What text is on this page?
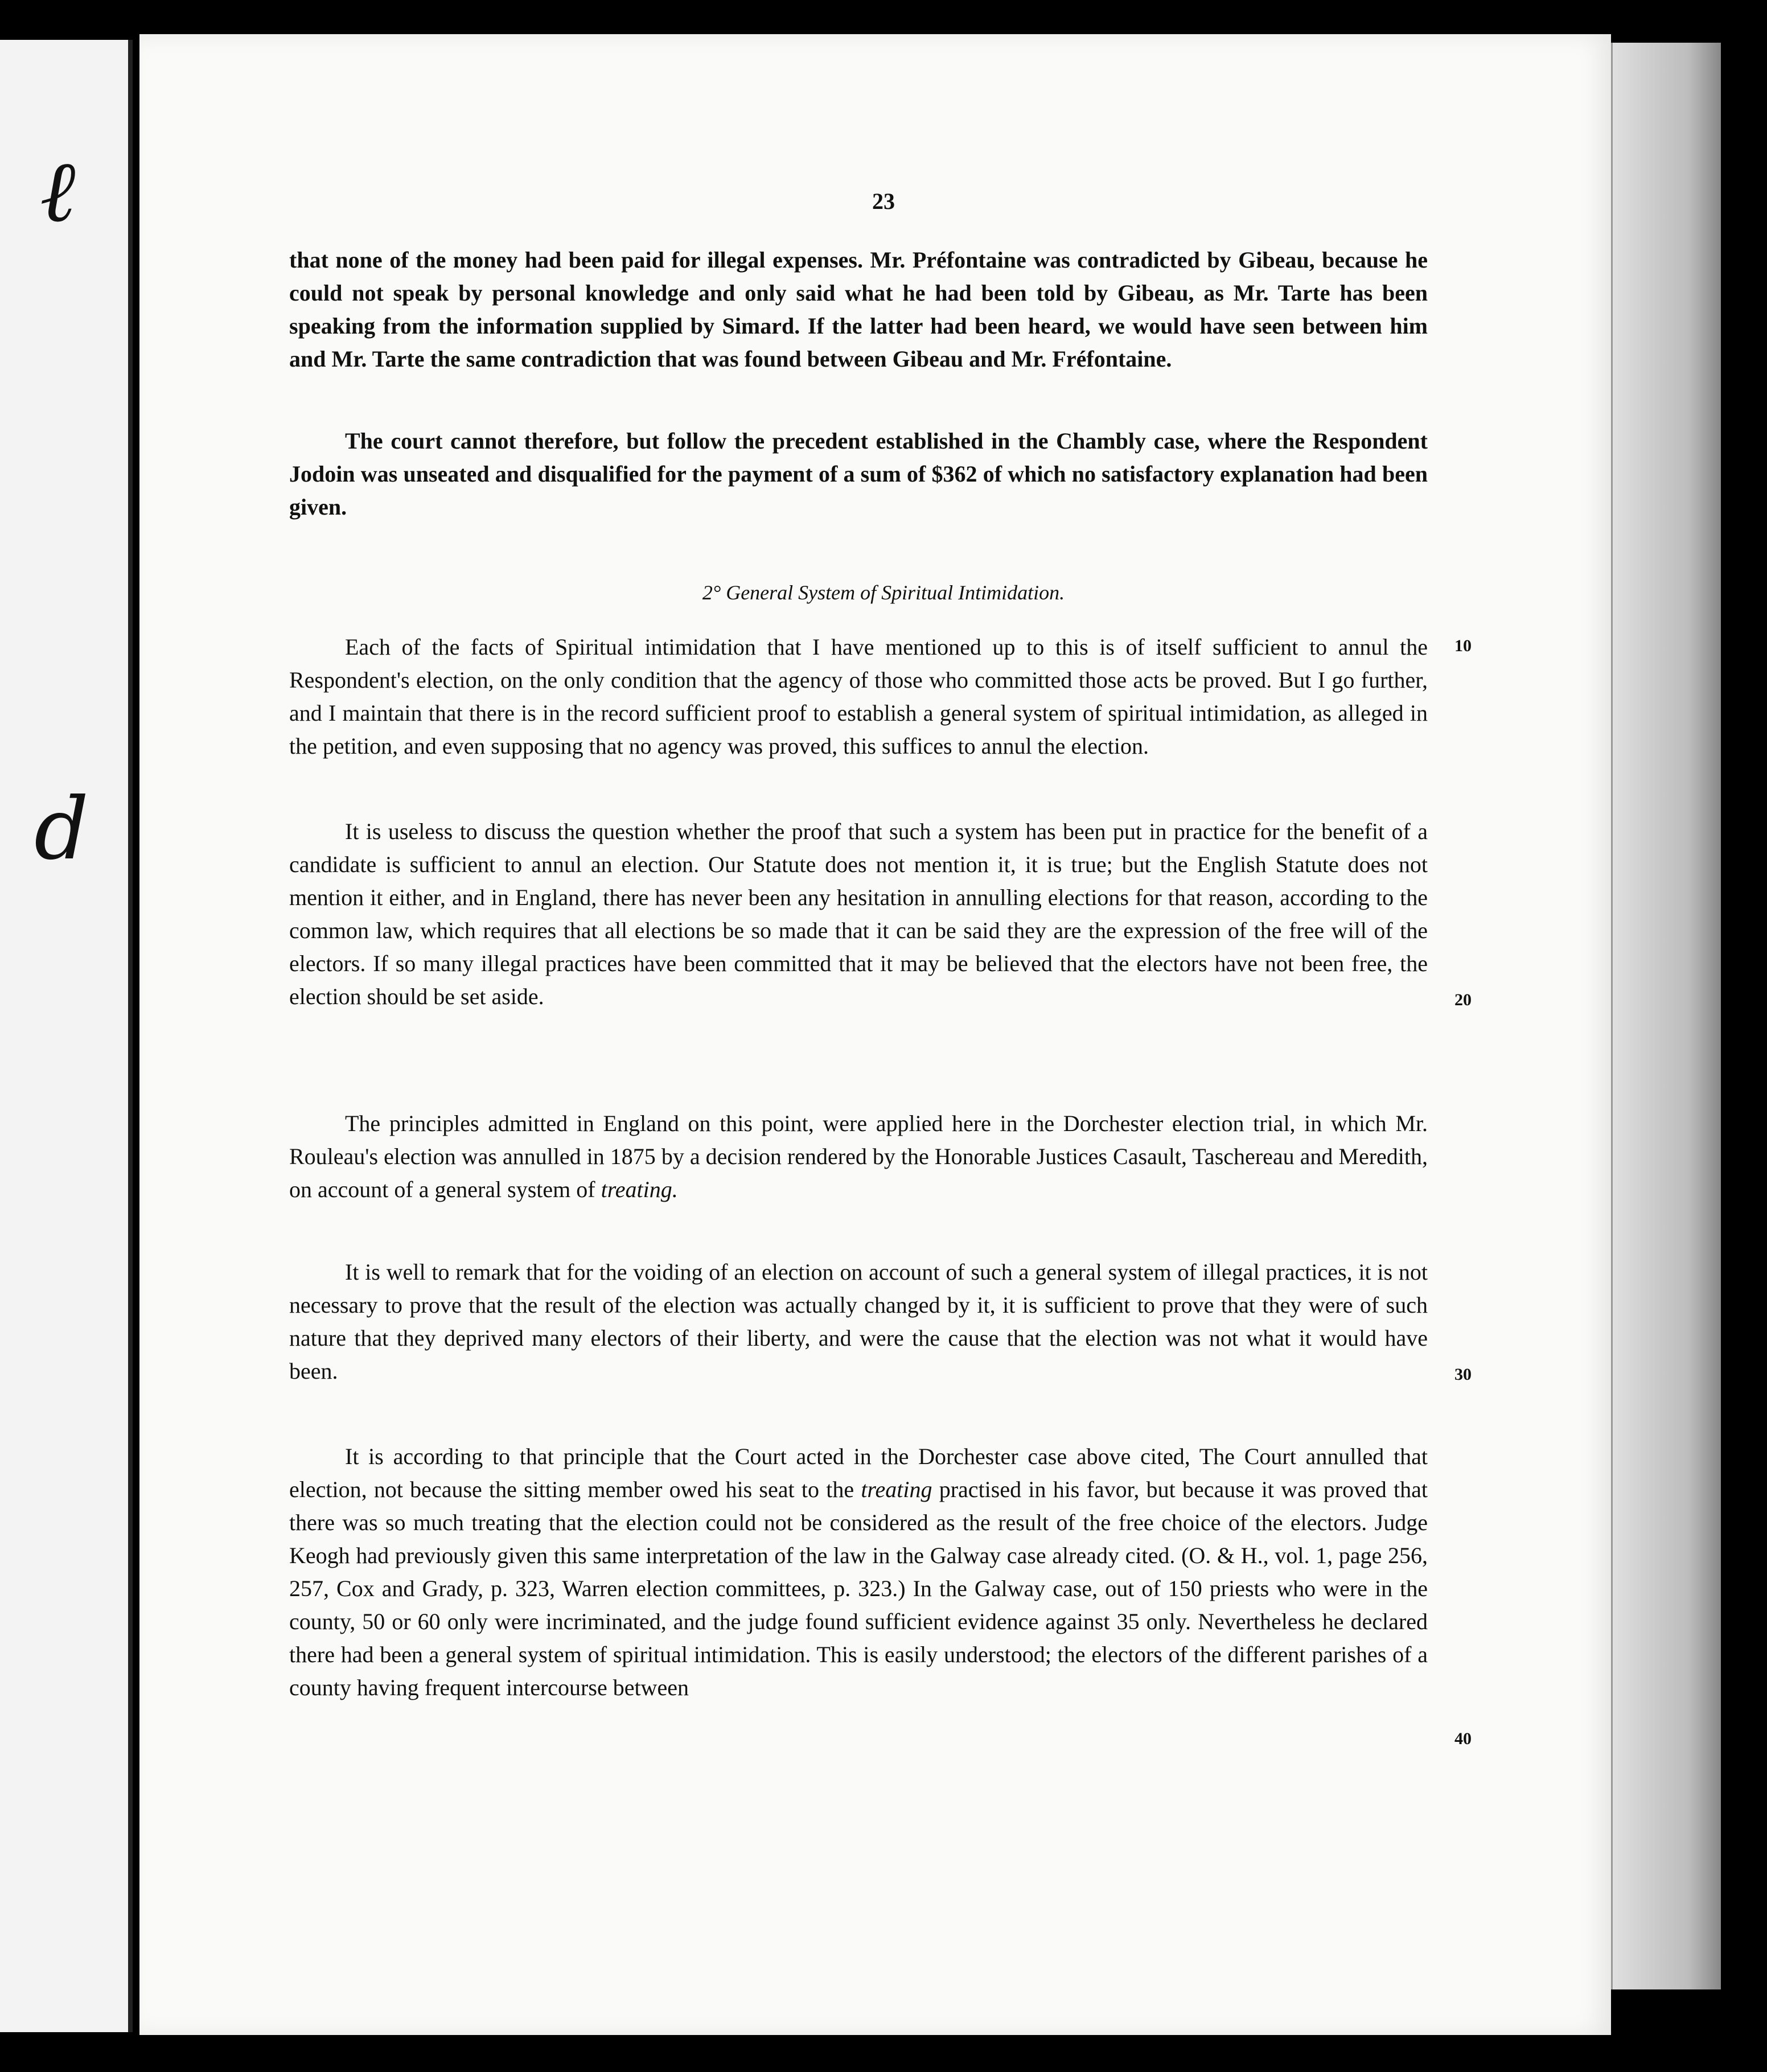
ℓ
d
23

that none of the money had been paid for illegal expenses. Mr. Préfontaine was contradicted by Gibeau, because he could not speak by personal knowledge and only said what he had been told by Gibeau, as Mr. Tarte has been speaking from the information supplied by Simard. If the latter had been heard, we would have seen between him and Mr. Tarte the same contradiction that was found between Gibeau and Mr. Fréfontaine.

The court cannot therefore, but follow the precedent established in the Chambly case, where the Respondent Jodoin was unseated and disqualified for the payment of a sum of $362 of which no satisfactory explanation had been given.

2° General System of Spiritual Intimidation.

Each of the facts of Spiritual intimidation that I have mentioned up to this is of itself sufficient to annul the Respondent's election, on the only condition that the agency of those who committed those acts be proved. But I go further, and I maintain that there is in the record sufficient proof to establish a general system of spiritual intimidation, as alleged in the petition, and even supposing that no agency was proved, this suffices to annul the election.

It is useless to discuss the question whether the proof that such a system has been put in practice for the benefit of a candidate is sufficient to annul an election. Our Statute does not mention it, it is true; but the English Statute does not mention it either, and in England, there has never been any hesitation in annulling elections for that reason, according to the common law, which requires that all elections be so made that it can be said they are the expression of the free will of the electors. If so many illegal practices have been committed that it may be believed that the electors have not been free, the election should be set aside.

The principles admitted in England on this point, were applied here in the Dorchester election trial, in which Mr. Rouleau's election was annulled in 1875 by a decision rendered by the Honorable Justices Casault, Taschereau and Meredith, on account of a general system of treating.

It is well to remark that for the voiding of an election on account of such a general system of illegal practices, it is not necessary to prove that the result of the election was actually changed by it, it is sufficient to prove that they were of such nature that they deprived many electors of their liberty, and were the cause that the election was not what it would have been.

It is according to that principle that the Court acted in the Dorchester case above cited, The Court annulled that election, not because the sitting member owed his seat to the treating practised in his favor, but because it was proved that there was so much treating that the election could not be considered as the result of the free choice of the electors. Judge Keogh had previously given this same interpretation of the law in the Galway case already cited. (O. & H., vol. 1, page 256, 257, Cox and Grady, p. 323, Warren election committees, p. 323.) In the Galway case, out of 150 priests who were in the county, 50 or 60 only were incriminated, and the judge found sufficient evidence against 35 only. Nevertheless he declared there had been a general system of spiritual intimidation. This is easily understood; the electors of the different parishes of a county having frequent intercourse between

10
20
30
40
